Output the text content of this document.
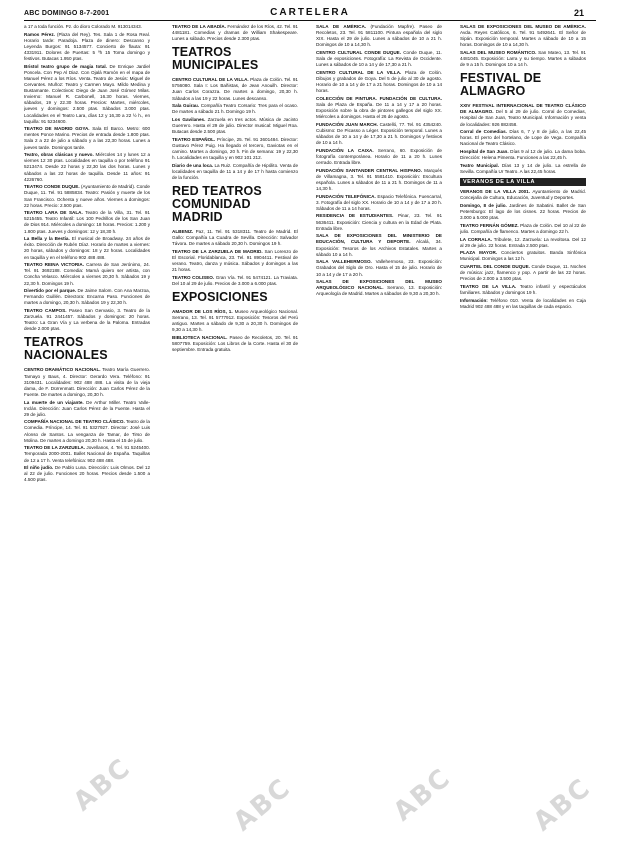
ABC DOMINGO 8-7-2001	CARTELERA	21

a 17 a toda función. Pz. do dioro Colorado M. 913014343.

Ramos Pérez. (Plaza del Rey). Tes. Sala 1 de Rosa Real. Horario tarde: Paradoja. Plaza de dinero: Descanso y Leyenda Burgos: 91 5134577. Concierto de flauta: 91 4331911. Dolores de Puertas: 5 ºh 15 Toma domingo y festivos. Butacas 1.950 ptas.

Bristol teatro grupo de magia total. De Enrique Jardiel Poncela. Con Pep Al Diaz. Con Ojalá Ramón en el mapa de Manuel Pérez a los Ríos. Venta. Teatro de Jesús: Miguel de Cervantes. Muñoz: Teatro y Carmen Mayo. Mildo Medina y Bustamante. Colectivos: Diego de Juan José Gómez Milas. Invierno: Manuel R. Carbonell, 16.30 horas. Viernes, sábados, 19 y 22.30 horas. Precios: Martes, miércoles, jueves y domingos: 2.500 ptas. Sábados 3.000 ptas. Localidades en el Teatro Lara, días 12 y 16,30 a 22 ½ h., en taquilla: 91 5234600.

TEATRO DE MADRID GOYA. Sala El Barco. Metro: 600 mentes Ponce Marino. Precios de entrada desde 1.800 ptas. Sala 2 a 22 de julio a sábado y a las 22,30 horas. Lunes a jueves tarde. Domingos tarde.

Teatro, obras clásicas y nuevo. Miércoles 14 y lunes 12 a viernes 12 30 ptas. Localidades en taquilla o por teléfono 91 5213474. Desde 22 horas y 22,30 las dos horas. Lunes y sábados a las 22 horas de taquilla. Desde 11 años: 91 4226760.

TEATRO CONDE DUQUE. (Ayuntamiento de Madrid). Conde Duque, 11. Tel. 91 5885834. Teatro: Pasión y muerte de los San Francisco. Ochenta y nueve años. Viernes a domingos: 22 horas. Precio: 2.500 ptas.

TEATRO LARA DE SALA. Teatro de la Villa, 31. Tel. 91 5215455. Teatro Infantil: Los 100 Pedrillos de los San Juan de Dios 914. Miércoles a domingo: 18 horas. Precios: 1.200 y 1.800 ptas. Jueves y domingos: 12 y 18,30 h.

La Bella y la Bestia. El musical de Broadway. 24 años de éxito. Dirección de Rubén Díaz. Horario de martes a viernes: 20 horas, sábados y domingos: 18 y 22 horas. Localidades en taquilla y en el teléfono 902 488 488.

TEATRO REINA VICTORIA. Carrera de San Jerónimo, 24. Tel. 91 3692188. Comedia: Mamá quiero ser artista, con Concha Velasco. Miércoles a viernes 20,30 h. Sábados 19 y 22,30 h. Domingos 19 h.

Divertido por el parque. De Jaime Salom. Con Ana Marzoa, Fernando Guillén. Directora: Encarna Paso. Funciones de martes a domingo, 20,30 h. Sábados 19 y 22,30 h.

TEATRO CAMPOS. Paseo San Gervasio, 3. Teatro de la Zarzuela. 91 2441457. Sábados y domingos: 20 horas. Teatro: La Gran Vía y La verbena de la Paloma. Entradas desde 2.000 ptas.

TEATROS NACIONALES

CENTRO DRAMÁTICO NACIONAL. Teatro María Guerrero. Tamayo y Baus, 4. Director: Gerardo Vera. Teléfono: 91 3109431. Localidades: 902 488 488. La visita de la vieja dama, de F. Dürrenmatt. Dirección: Juan Carlos Pérez de la Fuente. De martes a domingo, 20,30 h.

La muerte de un viajante. De Arthur Miller. Teatro Valle-Inclán. Dirección: Juan Carlos Pérez de la Fuente. Hasta el 29 de julio.

COMPAÑÍA NACIONAL DE TEATRO CLÁSICO. Teatro de la Comedia. Príncipe, 14. Tel. 91 5327927. Director: José Luis Alonso de Santos. La venganza de Tamar, de Tirso de Molina. De martes a domingo 20,30 h. Hasta el 15 de julio.

TEATRO DE LA ZARZUELA. Jovellanos, 4. Tel. 91 5245400. Temporada 2000-2001. Ballet Nacional de España. Taquillas de 12 a 17 h. Venta telefónica: 902 488 488.

El niño judío. De Pablo Luna. Dirección: Luis Olmos. Del 12 al 22 de julio. Funciones 20 horas. Precios desde 1.500 a 4.500 ptas.

TEATRO DE LA ABADÍA. Fernández de los Ríos, 42. Tel. 91 4481181. Comedias y dramas de William Shakespeare. Lunes a sábado. Precios desde 2.300 ptas.

TEATROS MUNICIPALES

CENTRO CULTURAL DE LA VILLA. Plaza de Colón. Tel. 91 5756080. Sala I: Los Bañistas, de Jean Anouilh. Director: Juan Carlos Corazza. De martes a domingo, 20,30 h. Sábados a las 19 y 22 horas. Lunes descanso.

Sala Guirau. Compañía Teatro Corsario: Tres para el ocaso. De martes a sábado 21 h. Domingo 19 h.

Los Gavilanes. Zarzuela en tres actos. Música de Jacinto Guerrero. Hasta el 29 de julio. Director musical: Miguel Roa. Butacas desde 2.500 ptas.

TEATRO ESPAÑOL. Príncipe, 25. Tel. 91 3601484. Director: Gustavo Pérez Puig. Ha llegado el tercero, Gaviotas en el camino. Martes a domingo, 20 h. Fin de semana: 19 y 22,30 h. Localidades en taquilla y en 902 101 212.

Diario de una loca. La Ruiz. Compañía de Hipólito. Venta de localidades en taquilla de 11 a 14 y de 17 h hasta comienzo de la función.

RED TEATROS COMUNIDAD MADRID

ALBENIZ. Paz, 11. Tel. 91 5318311. Teatro de Madrid. El Gallo: Compañía La Cuadra de Sevilla. Dirección: Salvador Távora. De martes a sábado 20,30 h. Domingos 19 h.

TEATRO DE LA ZARZUELA DE MADRID. San Lorenzo de El Escorial. Floridablanca, 23. Tel. 91 8904411. Festival de verano. Teatro, danza y música. Sábados y domingos a las 21 horas.

TEATRO COLISEO. Gran Vía. Tel. 91 5474121. La Traviata. Del 10 al 29 de julio. Precios de 3.000 a 6.000 ptas.

EXPOSICIONES

AMADOR DE LOS RÍOS, 1. Museo Arqueológico Nacional. Serrano, 13. Tel. 91 5777912. Exposición: Tesoros del Perú antiguo. Martes a sábado de 9,30 a 20,30 h. Domingos de 9,30 a 14,30 h.

BIBLIOTECA NACIONAL. Paseo de Recoletos, 20. Tel. 91 5807759. Exposición: Los Libros de la Corte. Hasta el 30 de septiembre. Entrada gratuita.

SALA DE AMÉRICA. (Fundación Mapfre). Paseo de Recoletos, 23. Tel. 91 5811100. Pintura española del siglo XIX. Hasta el 29 de julio. Lunes a sábados de 10 a 21 h. Domingos de 10 a 14,30 h.

CENTRO CULTURAL CONDE DUQUE. Conde Duque, 11. Sala de exposiciones. Fotografía: La Revista de Occidente. Lunes a sábados de 10 a 14 y de 17,30 a 21 h.

CENTRO CULTURAL DE LA VILLA. Plaza de Colón. Dibujos y grabados de Goya. Del 5 de julio al 30 de agosto. Horario de 10 a 14 y de 17 a 21 horas. Domingos de 10 a 14 horas.

COLECCIÓN DE PINTURA. FUNDACIÓN DE CULTURA. Sala de Plaza de España. De 11 a 14 y 17 a 20 horas. Exposición sobre la obra de pintores gallegos del siglo XX. Miércoles a domingos. Hasta el 26 de agosto.

FUNDACIÓN JUAN MARCH. Castelló, 77. Tel. 91 4354240. Cubismo: De Picasso a Léger. Exposición temporal. Lunes a sábados de 10 a 14 y de 17,30 a 21 h. Domingos y festivos de 10 a 14 h.

FUNDACIÓN LA CAIXA. Serrano, 60. Exposición de fotografía contemporánea. Horario de 11 a 20 h. Lunes cerrado. Entrada libre.

FUNDACIÓN SANTANDER CENTRAL HISPANO. Marqués de Villamagna, 3. Tel. 91 5581410. Exposición: Escultura española. Lunes a sábados de 11 a 21 h. Domingos de 11 a 14,30 h.

FUNDACIÓN TELEFÓNICA. Espacio Telefónica. Fuencarral, 3. Fotografía del siglo XX. Horario de 10 a 14 y de 17 a 20 h. Sábados de 11 a 14 horas.

RESIDENCIA DE ESTUDIANTES. Pinar, 23. Tel. 91 5636411. Exposición: Ciencia y cultura en la Edad de Plata. Entrada libre.

SALA DE EXPOSICIONES DEL MINISTERIO DE EDUCACIÓN, CULTURA Y DEPORTE. Alcalá, 34. Exposición: Tesoros de los Archivos Estatales. Martes a sábado 10 a 14 h.

SALA VALLEHERMOSO. Vallehermoso, 23. Exposición: Grabados del Siglo de Oro. Hasta el 15 de julio. Horario de 10 a 14 y de 17 a 20 h.

SALAS DE EXPOSICIONES DEL MUSEO ARQUEOLÓGICO NACIONAL. Serrano, 13. Exposición: Arqueología de Madrid. Martes a sábados de 9,30 a 20,30 h.

SALAS DE EXPOSICIONES DEL MUSEO DE AMÉRICA. Avda. Reyes Católicos, 6. Tel. 91 5492641. El Señor de Sipán. Exposición temporal. Martes a sábado de 10 a 15 horas. Domingos de 10 a 14,30 h.

SALAS DEL MUSEO ROMÁNTICO. San Mateo, 13. Tel. 91 4481045. Exposición: Larra y su tiempo. Martes a sábados de 9 a 15 h. Domingos 10 a 14 h.

FESTIVAL DE ALMAGRO

XXIV FESTIVAL INTERNACIONAL DE TEATRO CLÁSICO DE ALMAGRO. Del 5 al 29 de julio. Corral de Comedias, Hospital de San Juan, Teatro Municipal. Información y venta de localidades: 926 882458.

Corral de Comedias. Días 6, 7 y 8 de julio, a las 22,45 horas. El perro del hortelano, de Lope de Vega. Compañía Nacional de Teatro Clásico.

Hospital de San Juan. Días 9 al 12 de julio. La dama boba. Dirección: Helena Pimenta. Funciones a las 22,45 h.

Teatro Municipal. Días 13 y 14 de julio. La estrella de Sevilla. Compañía Ur Teatro. A las 22,45 horas.

VERANOS DE LA VILLA

VERANOS DE LA VILLA 2001. Ayuntamiento de Madrid. Concejalía de Cultura, Educación, Juventud y Deportes.

Domingo, 8 de julio. Jardines de Sabatini. Ballet de San Petersburgo: El lago de los cisnes. 22 horas. Precios de 3.000 a 5.000 ptas.

TEATRO FERNÁN GÓMEZ. Plaza de Colón. Del 10 al 22 de julio. Compañía de flamenco. Martes a domingo 22 h.

LA CORRALA. Tribulete, 12. Zarzuela: La revoltosa. Del 12 al 29 de julio. 22 horas. Entrada 2.500 ptas.

PLAZA MAYOR. Conciertos gratuitos. Banda Sinfónica Municipal. Domingos a las 12 h.

CUARTEL DEL CONDE DUQUE. Conde Duque, 11. Noches de música: jazz, flamenco y pop. A partir de las 22 horas. Precios de 2.000 a 3.500 ptas.

TEATRO DE LA VILLA. Teatro infantil y espectáculos familiares. Sábados y domingos 19 h.

Información: Teléfono 010. Venta de localidades en Caja Madrid 902 488 488 y en las taquillas de cada espacio.

ABC	ABC	ABC	ABC
